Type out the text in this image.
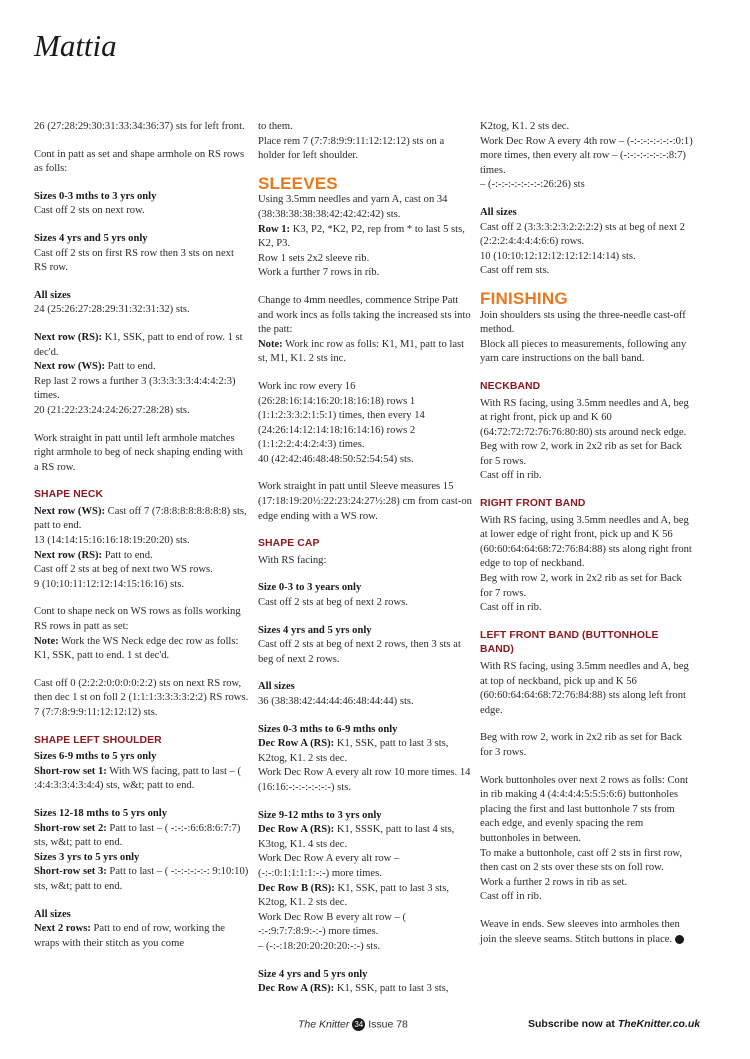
Mattia

26 (27:28:29:30:31:33:34:36:37) sts for left front.

Cont in patt as set and shape armhole on RS rows as folls:

Sizes 0-3 mths to 3 yrs only
Cast off 2 sts on next row.

Sizes 4 yrs and 5 yrs only
Cast off 2 sts on first RS row then 3 sts on next RS row.

All sizes
24 (25:26:27:28:29:31:32:31:32) sts.

Next row (RS): K1, SSK, patt to end of row. 1 st dec'd.
Next row (WS): Patt to end.
Rep last 2 rows a further 3 (3:3:3:3:3:4:4:4:2:3) times.
20 (21:22:23:24:24:26:27:28:28) sts.

Work straight in patt until left armhole matches right armhole to beg of neck shaping ending with a RS row.

SHAPE NECK

Next row (WS): Cast off 7 (7:8:8:8:8:8:8:8:8) sts, patt to end.
13 (14:14:15:16:16:18:19:20:20) sts.
Next row (RS): Patt to end.
Cast off 2 sts at beg of next two WS rows.
9 (10:10:11:12:12:14:15:16:16) sts.

Cont to shape neck on WS rows as folls working RS rows in patt as set:
Note: Work the WS Neck edge dec row as folls: K1, SSK, patt to end. 1 st dec'd.

Cast off 0 (2:2:2:0:0:0:0:2:2) sts on next RS row, then dec 1 st on foll 2 (1:1:1:3:3:3:3:2:2) RS rows. 7 (7:7:8:9:9:11:12:12:12) sts.

SHAPE LEFT SHOULDER

Sizes 6-9 mths to 5 yrs only
Short-row set 1: With WS facing, patt to last – ( :4:4:3:3:4:3:4:4) sts, w&t; patt to end.

Sizes 12-18 mths to 5 yrs only
Short-row set 2: Patt to last – ( -:-:-:6:6:8:6:7:7) sts, w&t; patt to end.

Sizes 3 yrs to 5 yrs only
Short-row set 3: Patt to last – ( -:-:-:-:-:-: 9:10:10) sts, w&t; patt to end.

All sizes
Next 2 rows: Patt to end of row, working the wraps with their stitch as you come

to them.
Place rem 7 (7:7:8:9:9:11:12:12:12) sts on a holder for left shoulder.

SLEEVES

Using 3.5mm needles and yarn A, cast on 34 (38:38:38:38:38:42:42:42:42) sts.
Row 1: K3, P2, *K2, P2, rep from * to last 5 sts, K2, P3.
Row 1 sets 2x2 sleeve rib.
Work a further 7 rows in rib.

Change to 4mm needles, commence Stripe Patt and work incs as folls taking the increased sts into the patt:
Note: Work inc row as folls: K1, M1, patt to last st, M1, K1. 2 sts inc.

Work inc row every 16 (26:28:16:14:16:20:18:16:18) rows 1 (1:1:2:3:3:2:1:5:1) times, then every 14 (24:26:14:12:14:18:16:14:16) rows 2 (1:1:2:2:4:4:2:4:3) times.
40 (42:42:46:48:48:50:52:54:54) sts.

Work straight in patt until Sleeve measures 15 (17:18:19:20½:22:23:24:27½:28) cm from cast-on edge ending with a WS row.

SHAPE CAP

With RS facing:

Size 0-3 to 3 years only
Cast off 2 sts at beg of next 2 rows.

Sizes 4 yrs and 5 yrs only
Cast off 2 sts at beg of next 2 rows, then 3 sts at beg of next 2 rows.

All sizes
36 (38:38:42:44:44:46:48:44:44) sts.

Sizes 0-3 mths to 6-9 mths only
Dec Row A (RS): K1, SSK, patt to last 3 sts, K2tog, K1. 2 sts dec.
Work Dec Row A every alt row 10 more times. 14 (16:16:-:-:-:-:-:-:-) sts.

Size 9-12 mths to 3 yrs only
Dec Row A (RS): K1, SSSK, patt to last 4 sts, K3tog, K1. 4 sts dec.
Work Dec Row A every alt row – (-:-:0:1:1:1:1:-:-) more times.
Dec Row B (RS): K1, SSK, patt to last 3 sts, K2tog, K1. 2 sts dec.
Work Dec Row B every alt row – ( -:-:9:7:7:8:9:-:-) more times.
– (-:-:18:20:20:20:20:-:-) sts.

Size 4 yrs and 5 yrs only
Dec Row A (RS): K1, SSK, patt to last 3 sts,

K2tog, K1. 2 sts dec.
Work Dec Row A every 4th row – (-:-:-:-:-:-:-:0:1) more times, then every alt row – (-:-:-:-:-:-:-:8:7) times.
– (-:-:-:-:-:-:-:-:26:26) sts

All sizes
Cast off 2 (3:3:3:2:3:2:2:2:2) sts at beg of next 2 (2:2:2:4:4:4:4:6:6) rows.
10 (10:10:12:12:12:12:12:14:14) sts.
Cast off rem sts.

FINISHING

Join shoulders sts using the three-needle cast-off method.
Block all pieces to measurements, following any yarn care instructions on the ball band.

NECKBAND

With RS facing, using 3.5mm needles and A, beg at right front, pick up and K 60 (64:72:72:72:76:76:80:80) sts around neck edge.
Beg with row 2, work in 2x2 rib as set for Back for 5 rows.
Cast off in rib.

RIGHT FRONT BAND

With RS facing, using 3.5mm needles and A, beg at lower edge of right front, pick up and K 56 (60:60:64:64:68:72:76:84:88) sts along right front edge to top of neckband.
Beg with row 2, work in 2x2 rib as set for Back for 7 rows.
Cast off in rib.

LEFT FRONT BAND (BUTTONHOLE BAND)

With RS facing, using 3.5mm needles and A, beg at top of neckband, pick up and K 56 (60:60:64:64:68:72:76:84:88) sts along left front edge.

Beg with row 2, work in 2x2 rib as set for Back for 3 rows.

Work buttonholes over next 2 rows as folls: Cont in rib making 4 (4:4:4:4:5:5:5:6:6) buttonholes placing the first and last buttonhole 7 sts from each edge, and evenly spacing the rem buttonholes in between.
To make a buttonhole, cast off 2 sts in first row, then cast on 2 sts over these sts on foll row.
Work a further 2 rows in rib as set.
Cast off in rib.

Weave in ends. Sew sleeves into armholes then join the sleeve seams. Stitch buttons in place.

The Knitter 34 Issue 78	Subscribe now at TheKnitter.co.uk
